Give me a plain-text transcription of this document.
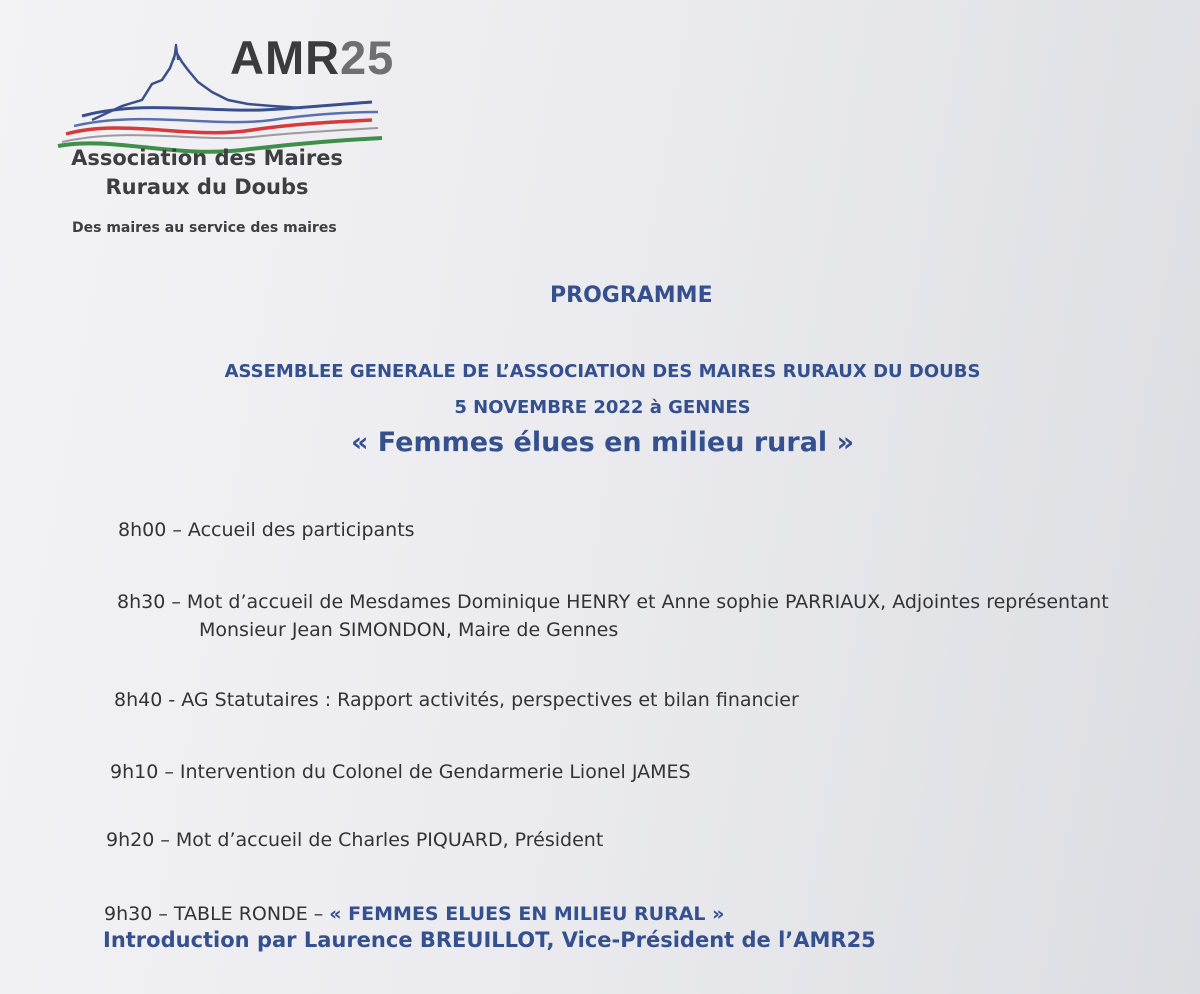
​
AMR25
Association des Maires
Ruraux du Doubs
Des maires au service des maires
PROGRAMME
ASSEMBLEE GENERALE DE L’ASSOCIATION DES MAIRES RURAUX DU DOUBS
5 NOVEMBRE 2022 à GENNES
« Femmes élues en milieu rural »
8h00 – Accueil des participants
8h30 – Mot d’accueil de Mesdames Dominique HENRY et Anne sophie PARRIAUX, Adjointes représentant
Monsieur Jean SIMONDON, Maire de Gennes
8h40 - AG Statutaires : Rapport activités, perspectives et bilan financier
9h10 – Intervention du Colonel de Gendarmerie Lionel JAMES
9h20 – Mot d’accueil de Charles PIQUARD, Président
9h30 – TABLE RONDE – « FEMMES ELUES EN MILIEU RURAL »
Introduction par Laurence BREUILLOT, Vice-Président de l’AMR25
